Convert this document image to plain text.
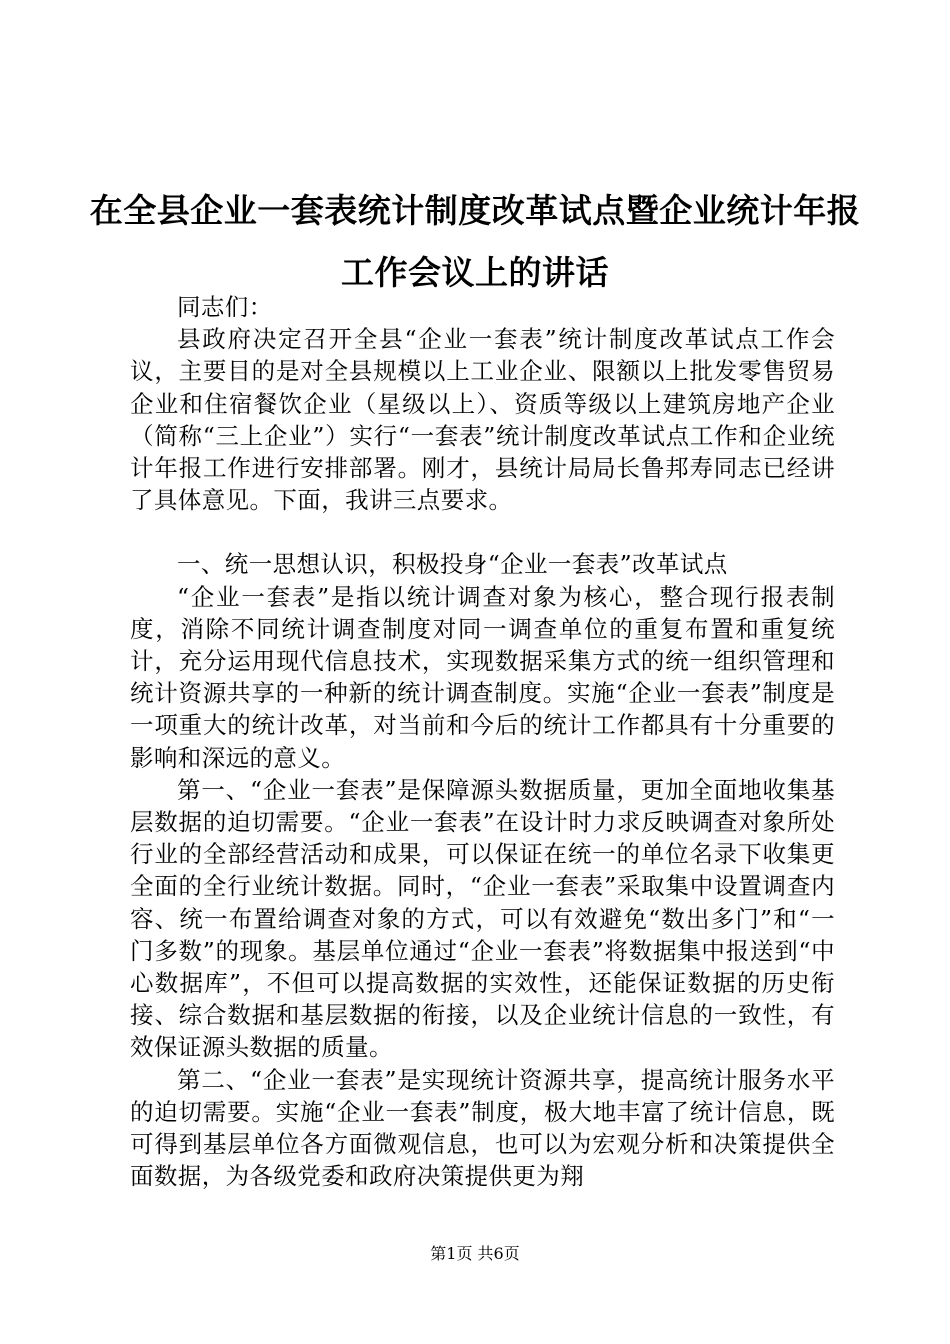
在全县企业一套表统计制度改革试点暨企业统计年报工作会议上的讲话

同志们：

县政府决定召开全县“企业一套表”统计制度改革试点工作会议，主要目的是对全县规模以上工业企业、限额以上批发零售贸易企业和住宿餐饮企业（星级以上）、资质等级以上建筑房地产企业（简称“三上企业”）实行“一套表”统计制度改革试点工作和企业统计年报工作进行安排部署。刚才，县统计局局长鲁邦寿同志已经讲了具体意见。下面，我讲三点要求。

一、统一思想认识，积极投身“企业一套表”改革试点

“企业一套表”是指以统计调查对象为核心，整合现行报表制度，消除不同统计调查制度对同一调查单位的重复布置和重复统计，充分运用现代信息技术，实现数据采集方式的统一组织管理和统计资源共享的一种新的统计调查制度。实施“企业一套表”制度是一项重大的统计改革，对当前和今后的统计工作都具有十分重要的影响和深远的意义。

第一、“企业一套表”是保障源头数据质量，更加全面地收集基层数据的迫切需要。“企业一套表”在设计时力求反映调查对象所处行业的全部经营活动和成果，可以保证在统一的单位名录下收集更全面的全行业统计数据。同时，“企业一套表”采取集中设置调查内容、统一布置给调查对象的方式，可以有效避免“数出多门”和“一门多数”的现象。基层单位通过“企业一套表”将数据集中报送到“中心数据库”，不但可以提高数据的实效性，还能保证数据的历史衔接、综合数据和基层数据的衔接，以及企业统计信息的一致性，有效保证源头数据的质量。

第二、“企业一套表”是实现统计资源共享，提高统计服务水平的迫切需要。实施“企业一套表”制度，极大地丰富了统计信息，既可得到基层单位各方面微观信息，也可以为宏观分析和决策提供全面数据，为各级党委和政府决策提供更为翔

第1页 共6页
